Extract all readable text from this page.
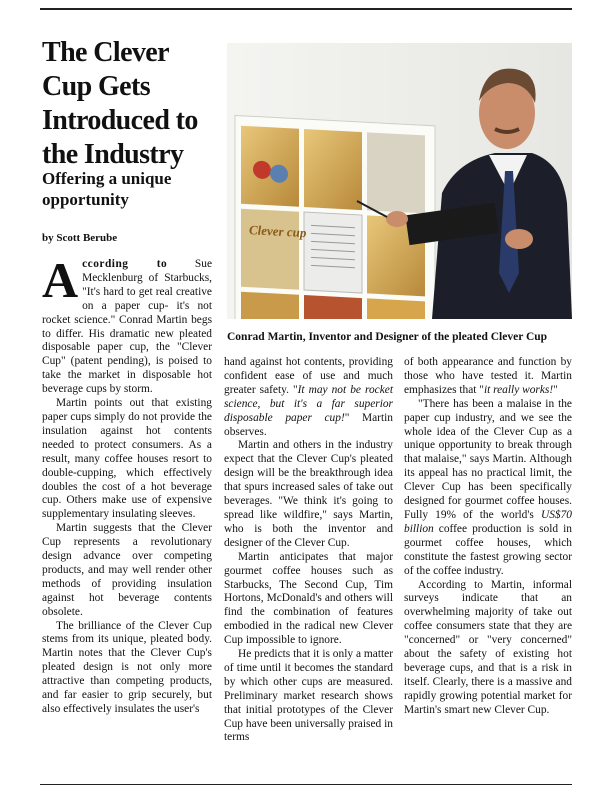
The Clever Cup Gets Introduced to the Industry
Offering a unique opportunity

by Scott Berube	Clever cup

Conrad Martin, Inventor and Designer of the pleated Clever Cup

According to Sue Mecklenburg of Starbucks, "It's hard to get real creative on a paper cup- it's not rocket science." Conrad Martin begs to differ. His dramatic new pleated disposable paper cup, the "Clever Cup" (patent pending), is poised to take the market in disposable hot beverage cups by storm.

Martin points out that existing paper cups simply do not provide the insulation against hot contents needed to protect consumers. As a result, many coffee houses resort to double-cupping, which effectively doubles the cost of a hot beverage cup. Others make use of expensive supplementary insulating sleeves.

Martin suggests that the Clever Cup represents a revolutionary design advance over competing products, and may well render other methods of providing insulation against hot beverage contents obsolete.

The brilliance of the Clever Cup stems from its unique, pleated body. Martin notes that the Clever Cup's pleated design is not only more attractive than competing products, and far easier to grip securely, but also effectively insulates the user's

hand against hot contents, providing confident ease of use and much greater safety. "It may not be rocket science, but it's a far superior disposable paper cup!" Martin observes.

Martin and others in the industry expect that the Clever Cup's pleated design will be the breakthrough idea that spurs increased sales of take out beverages. "We think it's going to spread like wildfire," says Martin, who is both the inventor and designer of the Clever Cup.

Martin anticipates that major gourmet coffee houses such as Starbucks, The Second Cup, Tim Hortons, McDonald's and others will find the combination of features embodied in the radical new Clever Cup impossible to ignore.

He predicts that it is only a matter of time until it becomes the standard by which other cups are measured. Preliminary market research shows that initial prototypes of the Clever Cup have been universally praised in terms

of both appearance and function by those who have tested it. Martin emphasizes that "it really works!"

"There has been a malaise in the paper cup industry, and we see the whole idea of the Clever Cup as a unique opportunity to break through that malaise," says Martin. Although its appeal has no practical limit, the Clever Cup has been specifically designed for gourmet coffee houses. Fully 19% of the world's US$70 billion coffee production is sold in gourmet coffee houses, which constitute the fastest growing sector of the coffee industry.

According to Martin, informal surveys indicate that an overwhelming majority of take out coffee consumers state that they are "concerned" or "very concerned" about the safety of existing hot beverage cups, and that is a risk in itself. Clearly, there is a massive and rapidly growing potential market for Martin's smart new Clever Cup.
